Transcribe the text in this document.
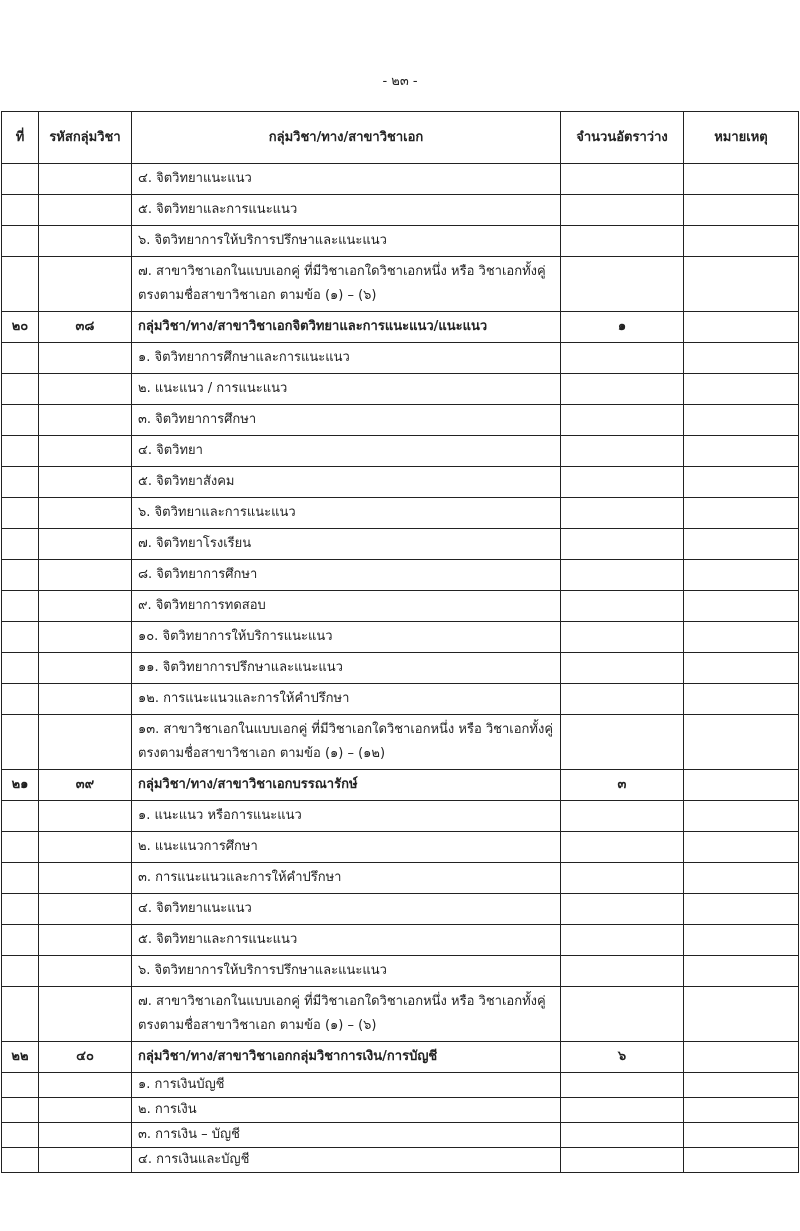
- ๒๓ -
ที่	รหัสกลุ่มวิชา	กลุ่มวิชา/ทาง/สาขาวิชาเอก	จำนวนอัตราว่าง	หมายเหตุ
		๔. จิตวิทยาแนะแนว		
		๕. จิตวิทยาและการแนะแนว		
		๖. จิตวิทยาการให้บริการปรึกษาและแนะแนว		
		๗. สาขาวิชาเอกในแบบเอกคู่ ที่มีวิชาเอกใดวิชาเอกหนึ่ง หรือ วิชาเอกทั้งคู่ตรงตามชื่อสาขาวิชาเอก ตามข้อ (๑) – (๖)		
๒๐	๓๘	กลุ่มวิชา/ทาง/สาขาวิชาเอกจิตวิทยาและการแนะแนว/แนะแนว	๑	
		๑. จิตวิทยาการศึกษาและการแนะแนว		
		๒. แนะแนว / การแนะแนว		
		๓. จิตวิทยาการศึกษา		
		๔. จิตวิทยา		
		๕. จิตวิทยาสังคม		
		๖. จิตวิทยาและการแนะแนว		
		๗. จิตวิทยาโรงเรียน		
		๘. จิตวิทยาการศึกษา		
		๙. จิตวิทยาการทดสอบ		
		๑๐. จิตวิทยาการให้บริการแนะแนว		
		๑๑. จิตวิทยาการปรึกษาและแนะแนว		
		๑๒. การแนะแนวและการให้คำปรึกษา		
		๑๓. สาขาวิชาเอกในแบบเอกคู่ ที่มีวิชาเอกใดวิชาเอกหนึ่ง หรือ วิชาเอกทั้งคู่ตรงตามชื่อสาขาวิชาเอก ตามข้อ (๑) – (๑๒)		
๒๑	๓๙	กลุ่มวิชา/ทาง/สาขาวิชาเอกบรรณารักษ์	๓	
		๑. แนะแนว หรือการแนะแนว		
		๒. แนะแนวการศึกษา		
		๓. การแนะแนวและการให้คำปรึกษา		
		๔. จิตวิทยาแนะแนว		
		๕. จิตวิทยาและการแนะแนว		
		๖. จิตวิทยาการให้บริการปรึกษาและแนะแนว		
		๗. สาขาวิชาเอกในแบบเอกคู่ ที่มีวิชาเอกใดวิชาเอกหนึ่ง หรือ วิชาเอกทั้งคู่ตรงตามชื่อสาขาวิชาเอก ตามข้อ (๑) – (๖)		
๒๒	๔๐	กลุ่มวิชา/ทาง/สาขาวิชาเอกกลุ่มวิชาการเงิน/การบัญชี	๖	
		๑. การเงินบัญชี		
		๒. การเงิน		
		๓. การเงิน – บัญชี		
		๔. การเงินและบัญชี		
